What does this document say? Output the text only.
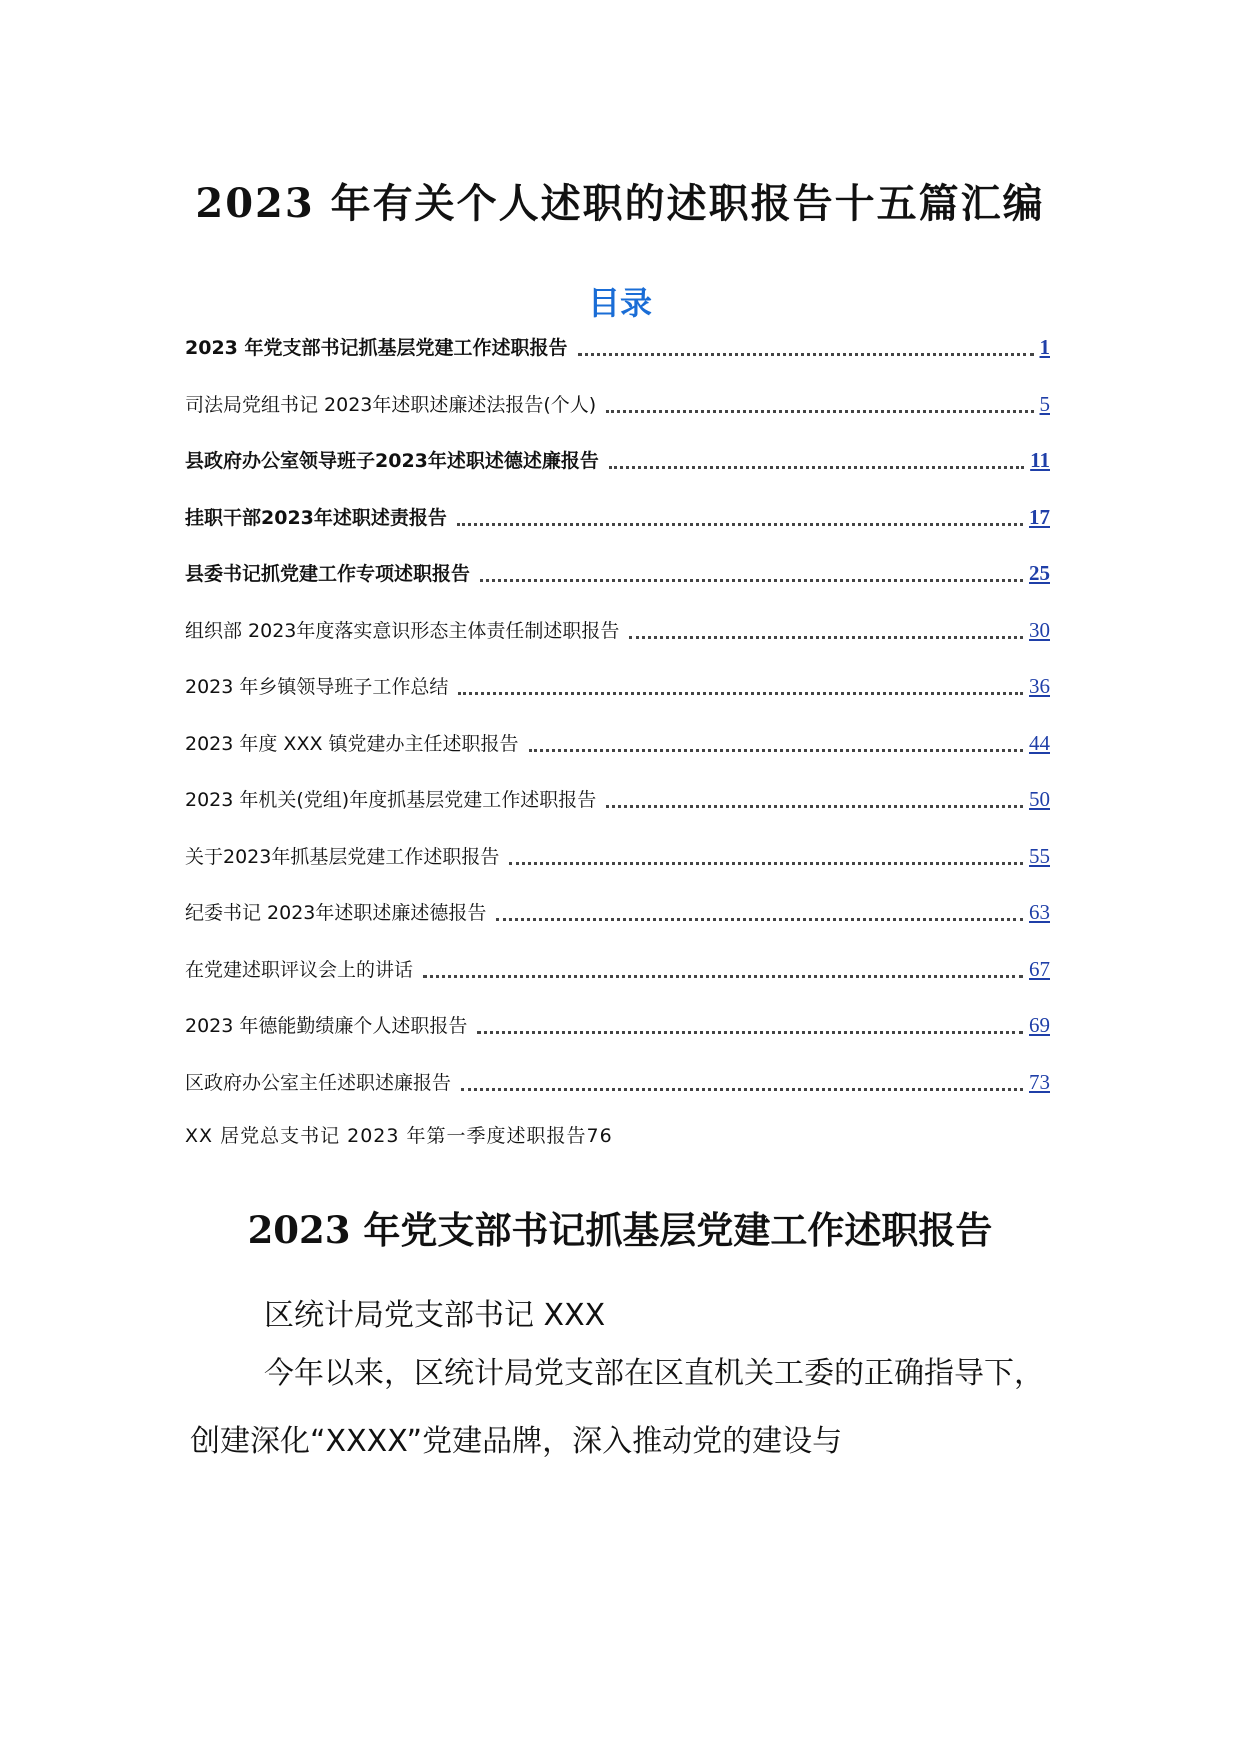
2023 年有关个人述职的述职报告十五篇汇编
目录
2023 年党支部书记抓基层党建工作述职报告	1
司法局党组书记 2023年述职述廉述法报告(个人)	5
县政府办公室领导班子2023年述职述德述廉报告	11
挂职干部2023年述职述责报告	17
县委书记抓党建工作专项述职报告	25
组织部 2023年度落实意识形态主体责任制述职报告	30
2023 年乡镇领导班子工作总结	36
2023 年度 XXX 镇党建办主任述职报告	44
2023 年机关(党组)年度抓基层党建工作述职报告	50
关于2023年抓基层党建工作述职报告	55
纪委书记 2023年述职述廉述德报告	63
在党建述职评议会上的讲话	67
2023 年德能勤绩廉个人述职报告	69
区政府办公室主任述职述廉报告	73
XX 居党总支书记 2023 年第一季度述职报告76
2023 年党支部书记抓基层党建工作述职报告
区统计局党支部书记 XXX
今年以来，区统计局党支部在区直机关工委的正确指导下，创建深化“XXXX”党建品牌，深入推动党的建设与
